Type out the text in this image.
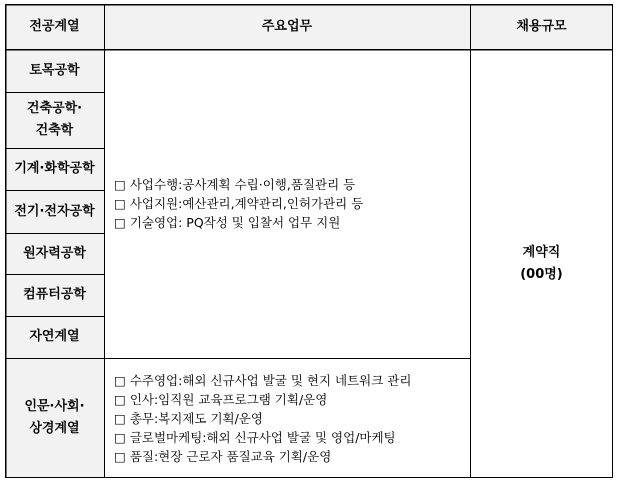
전공계열	주요업무	채용규모
토목공학
건축공학·
건축학
기계·화학공학
전기·전자공학
원자력공학
컴퓨터공학
자연계열
인문·사회·
상경계열
□ 사업수행:공사계획 수립·이행,품질관리 등
□ 사업지원:예산관리,계약관리,인허가관리 등
□ 기술영업: PQ작성 및 입찰서 업무 지원
□ 수주영업:해외 신규사업 발굴 및 현지 네트워크 관리
□ 인사:임직원 교육프로그램 기획/운영
□ 총무:복지제도 기획/운영
□ 글로벌마케팅:해외 신규사업 발굴 및 영업/마케팅
□ 품질:현장 근로자 품질교육 기획/운영
계약직
(00명)
